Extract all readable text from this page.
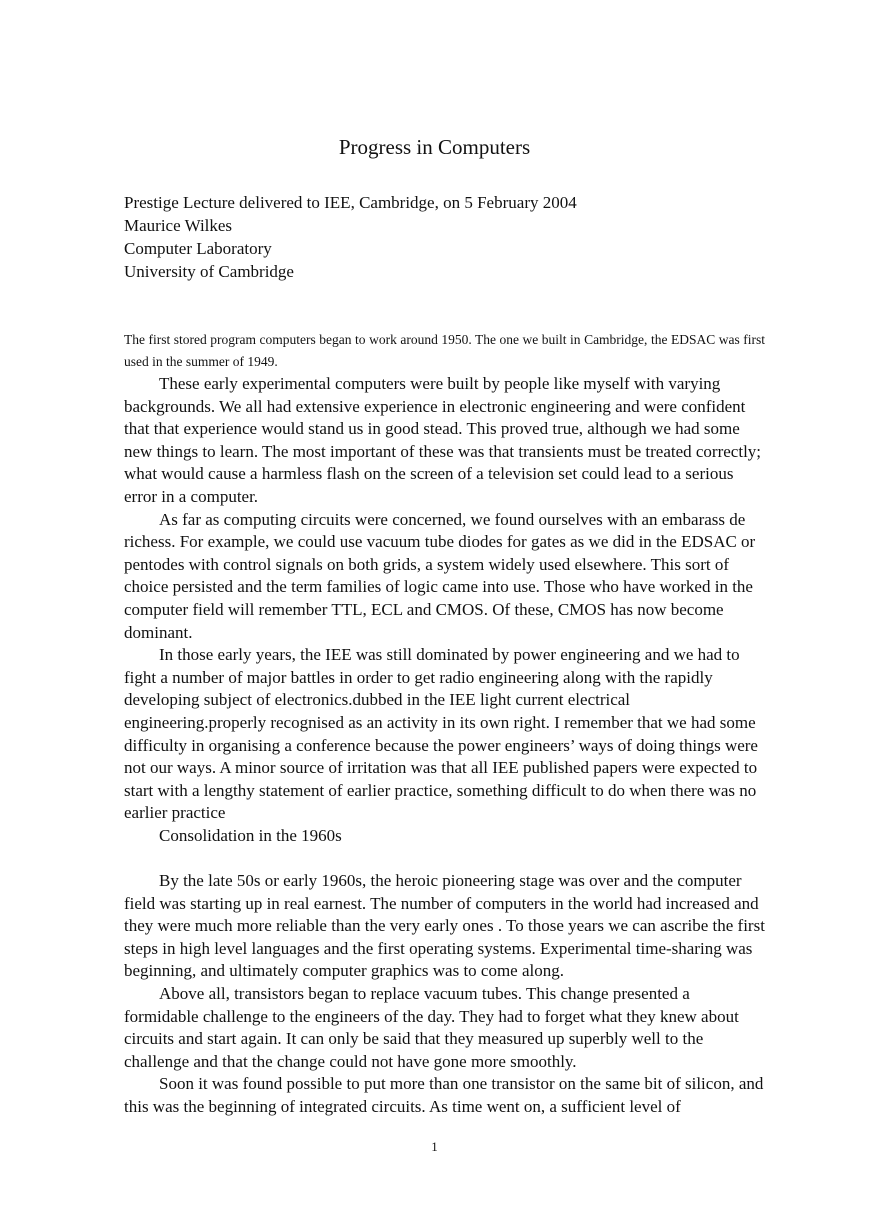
Progress in Computers
Prestige Lecture delivered to IEE, Cambridge, on 5 February 2004
Maurice Wilkes
Computer Laboratory
University of Cambridge
The first stored program computers began to work around 1950. The one we built in Cambridge, the EDSAC was first used in the summer of 1949.

These early experimental computers were built by people like myself with varying backgrounds. We all had extensive experience in electronic engineering and were confident that that experience would stand us in good stead. This proved true, although we had some new things to learn. The most important of these was that transients must be treated correctly; what would cause a harmless flash on the screen of a television set could lead to a serious error in a computer.

As far as computing circuits were concerned, we found ourselves with an embarass de richess. For example, we could use vacuum tube diodes for gates as we did in the EDSAC or pentodes with control signals on both grids, a system widely used elsewhere. This sort of choice persisted and the term families of logic came into use. Those who have worked in the computer field will remember TTL, ECL and CMOS. Of these, CMOS has now become dominant.

In those early years, the IEE was still dominated by power engineering and we had to fight a number of major battles in order to get radio engineering along with the rapidly developing subject of electronics.dubbed in the IEE light current electrical engineering.properly recognised as an activity in its own right. I remember that we had some difficulty in organising a conference because the power engineers’ ways of doing things were not our ways. A minor source of irritation was that all IEE published papers were expected to start with a lengthy statement of earlier practice, something difficult to do when there was no earlier practice

Consolidation in the 1960s

By the late 50s or early 1960s, the heroic pioneering stage was over and the computer field was starting up in real earnest. The number of computers in the world had increased and they were much more reliable than the very early ones . To those years we can ascribe the first steps in high level languages and the first operating systems. Experimental time-sharing was beginning, and ultimately computer graphics was to come along.

Above all, transistors began to replace vacuum tubes. This change presented a formidable challenge to the engineers of the day. They had to forget what they knew about circuits and start again. It can only be said that they measured up superbly well to the challenge and that the change could not have gone more smoothly.

Soon it was found possible to put more than one transistor on the same bit of silicon, and this was the beginning of integrated circuits. As time went on, a sufficient level of

1
